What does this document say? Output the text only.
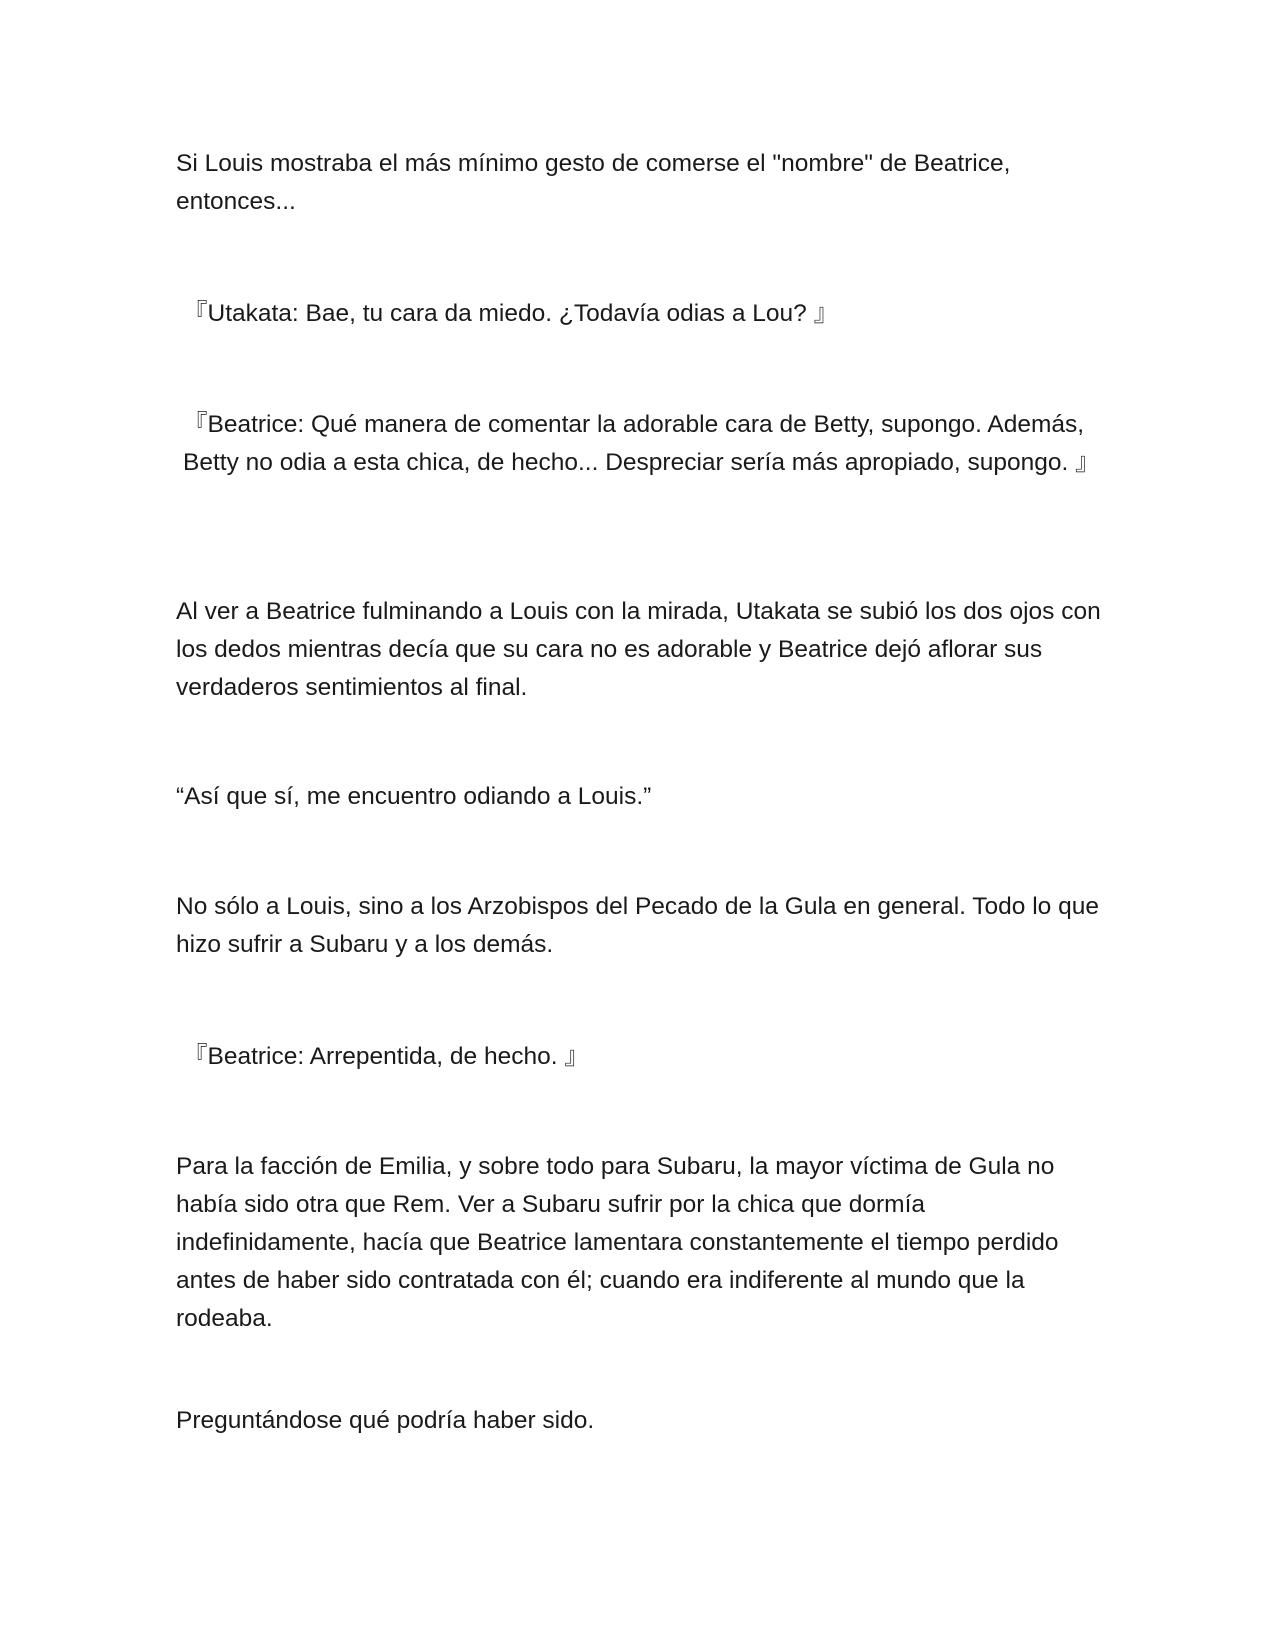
Si Louis mostraba el más mínimo gesto de comerse el "nombre" de Beatrice, entonces...

『Utakata: Bae, tu cara da miedo. ¿Todavía odias a Lou? 』

『Beatrice: Qué manera de comentar la adorable cara de Betty, supongo. Además, Betty no odia a esta chica, de hecho... Despreciar sería más apropiado, supongo. 』

Al ver a Beatrice fulminando a Louis con la mirada, Utakata se subió los dos ojos con los dedos mientras decía que su cara no es adorable y Beatrice dejó aflorar sus verdaderos sentimientos al final.

“Así que sí, me encuentro odiando a Louis.”

No sólo a Louis, sino a los Arzobispos del Pecado de la Gula en general. Todo lo que hizo sufrir a Subaru y a los demás.

『Beatrice: Arrepentida, de hecho. 』

Para la facción de Emilia, y sobre todo para Subaru, la mayor víctima de Gula no había sido otra que Rem. Ver a Subaru sufrir por la chica que dormía indefinidamente, hacía que Beatrice lamentara constantemente el tiempo perdido antes de haber sido contratada con él; cuando era indiferente al mundo que la rodeaba.

Preguntándose qué podría haber sido.
